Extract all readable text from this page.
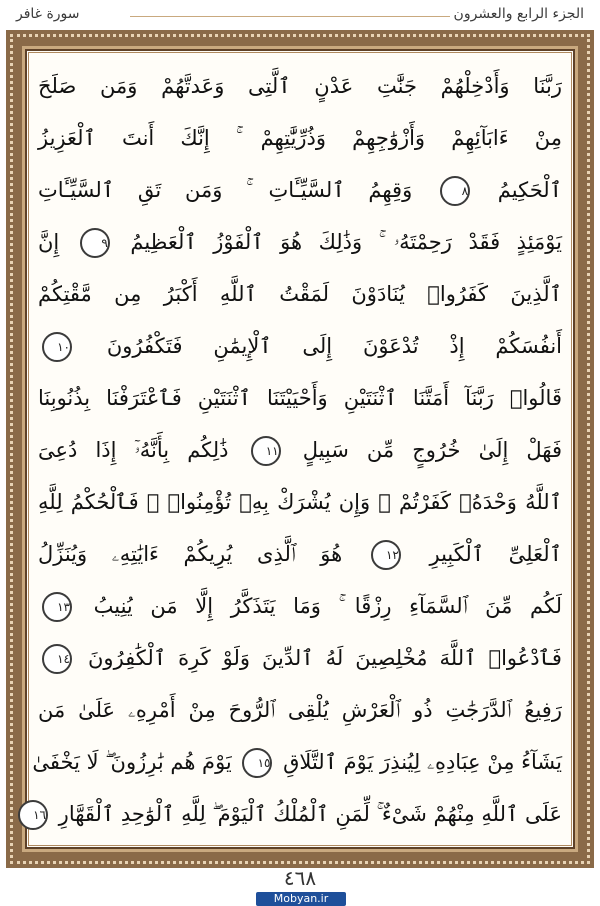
الجزء الرابع والعشرون
سورة غافر
رَبَّنَا وَأَدْخِلْهُمْ جَنَّٰتِ عَدْنٍ ٱلَّتِى وَعَدتَّهُمْ وَمَن صَلَحَ
مِنْ ءَابَآئِهِمْ وَأَزْوَٰجِهِمْ وَذُرِّيَّٰتِهِمْ ۚ إِنَّكَ أَنتَ ٱلْعَزِيزُ
ٱلْحَكِيمُ ٨ وَقِهِمُ ٱلسَّيِّـَٔاتِ ۚ وَمَن تَقِ ٱلسَّيِّـَٔاتِ
يَوْمَئِذٍ فَقَدْ رَحِمْتَهُۥ ۚ وَذَٰلِكَ هُوَ ٱلْفَوْزُ ٱلْعَظِيمُ ٩ إِنَّ
ٱلَّذِينَ كَفَرُوا۟ يُنَادَوْنَ لَمَقْتُ ٱللَّهِ أَكْبَرُ مِن مَّقْتِكُمْ
أَنفُسَكُمْ إِذْ تُدْعَوْنَ إِلَى ٱلْإِيمَٰنِ فَتَكْفُرُونَ ١٠
قَالُوا۟ رَبَّنَآ أَمَتَّنَا ٱثْنَتَيْنِ وَأَحْيَيْتَنَا ٱثْنَتَيْنِ فَٱعْتَرَفْنَا بِذُنُوبِنَا
فَهَلْ إِلَىٰ خُرُوجٍ مِّن سَبِيلٍ ١١ ذَٰلِكُم بِأَنَّهُۥٓ إِذَا دُعِىَ
ٱللَّهُ وَحْدَهُۥ كَفَرْتُمْ ۖ وَإِن يُشْرَكْ بِهِۦ تُؤْمِنُوا۟ ۚ فَٱلْحُكْمُ لِلَّهِ
ٱلْعَلِىِّ ٱلْكَبِيرِ ١٢ هُوَ ٱلَّذِى يُرِيكُمْ ءَايَٰتِهِۦ وَيُنَزِّلُ
لَكُم مِّنَ ٱلسَّمَآءِ رِزْقًا ۚ وَمَا يَتَذَكَّرُ إِلَّا مَن يُنِيبُ ١٣
فَٱدْعُوا۟ ٱللَّهَ مُخْلِصِينَ لَهُ ٱلدِّينَ وَلَوْ كَرِهَ ٱلْكَٰفِرُونَ ١٤
رَفِيعُ ٱلدَّرَجَٰتِ ذُو ٱلْعَرْشِ يُلْقِى ٱلرُّوحَ مِنْ أَمْرِهِۦ عَلَىٰ مَن
يَشَآءُ مِنْ عِبَادِهِۦ لِيُنذِرَ يَوْمَ ٱلتَّلَاقِ ١٥ يَوْمَ هُم بَٰرِزُونَ ۖ لَا يَخْفَىٰ
عَلَى ٱللَّهِ مِنْهُمْ شَىْءٌ ۚ لِّمَنِ ٱلْمُلْكُ ٱلْيَوْمَ ۖ لِلَّهِ ٱلْوَٰحِدِ ٱلْقَهَّارِ ١٦
٤٦٨
Mobyan.ir
